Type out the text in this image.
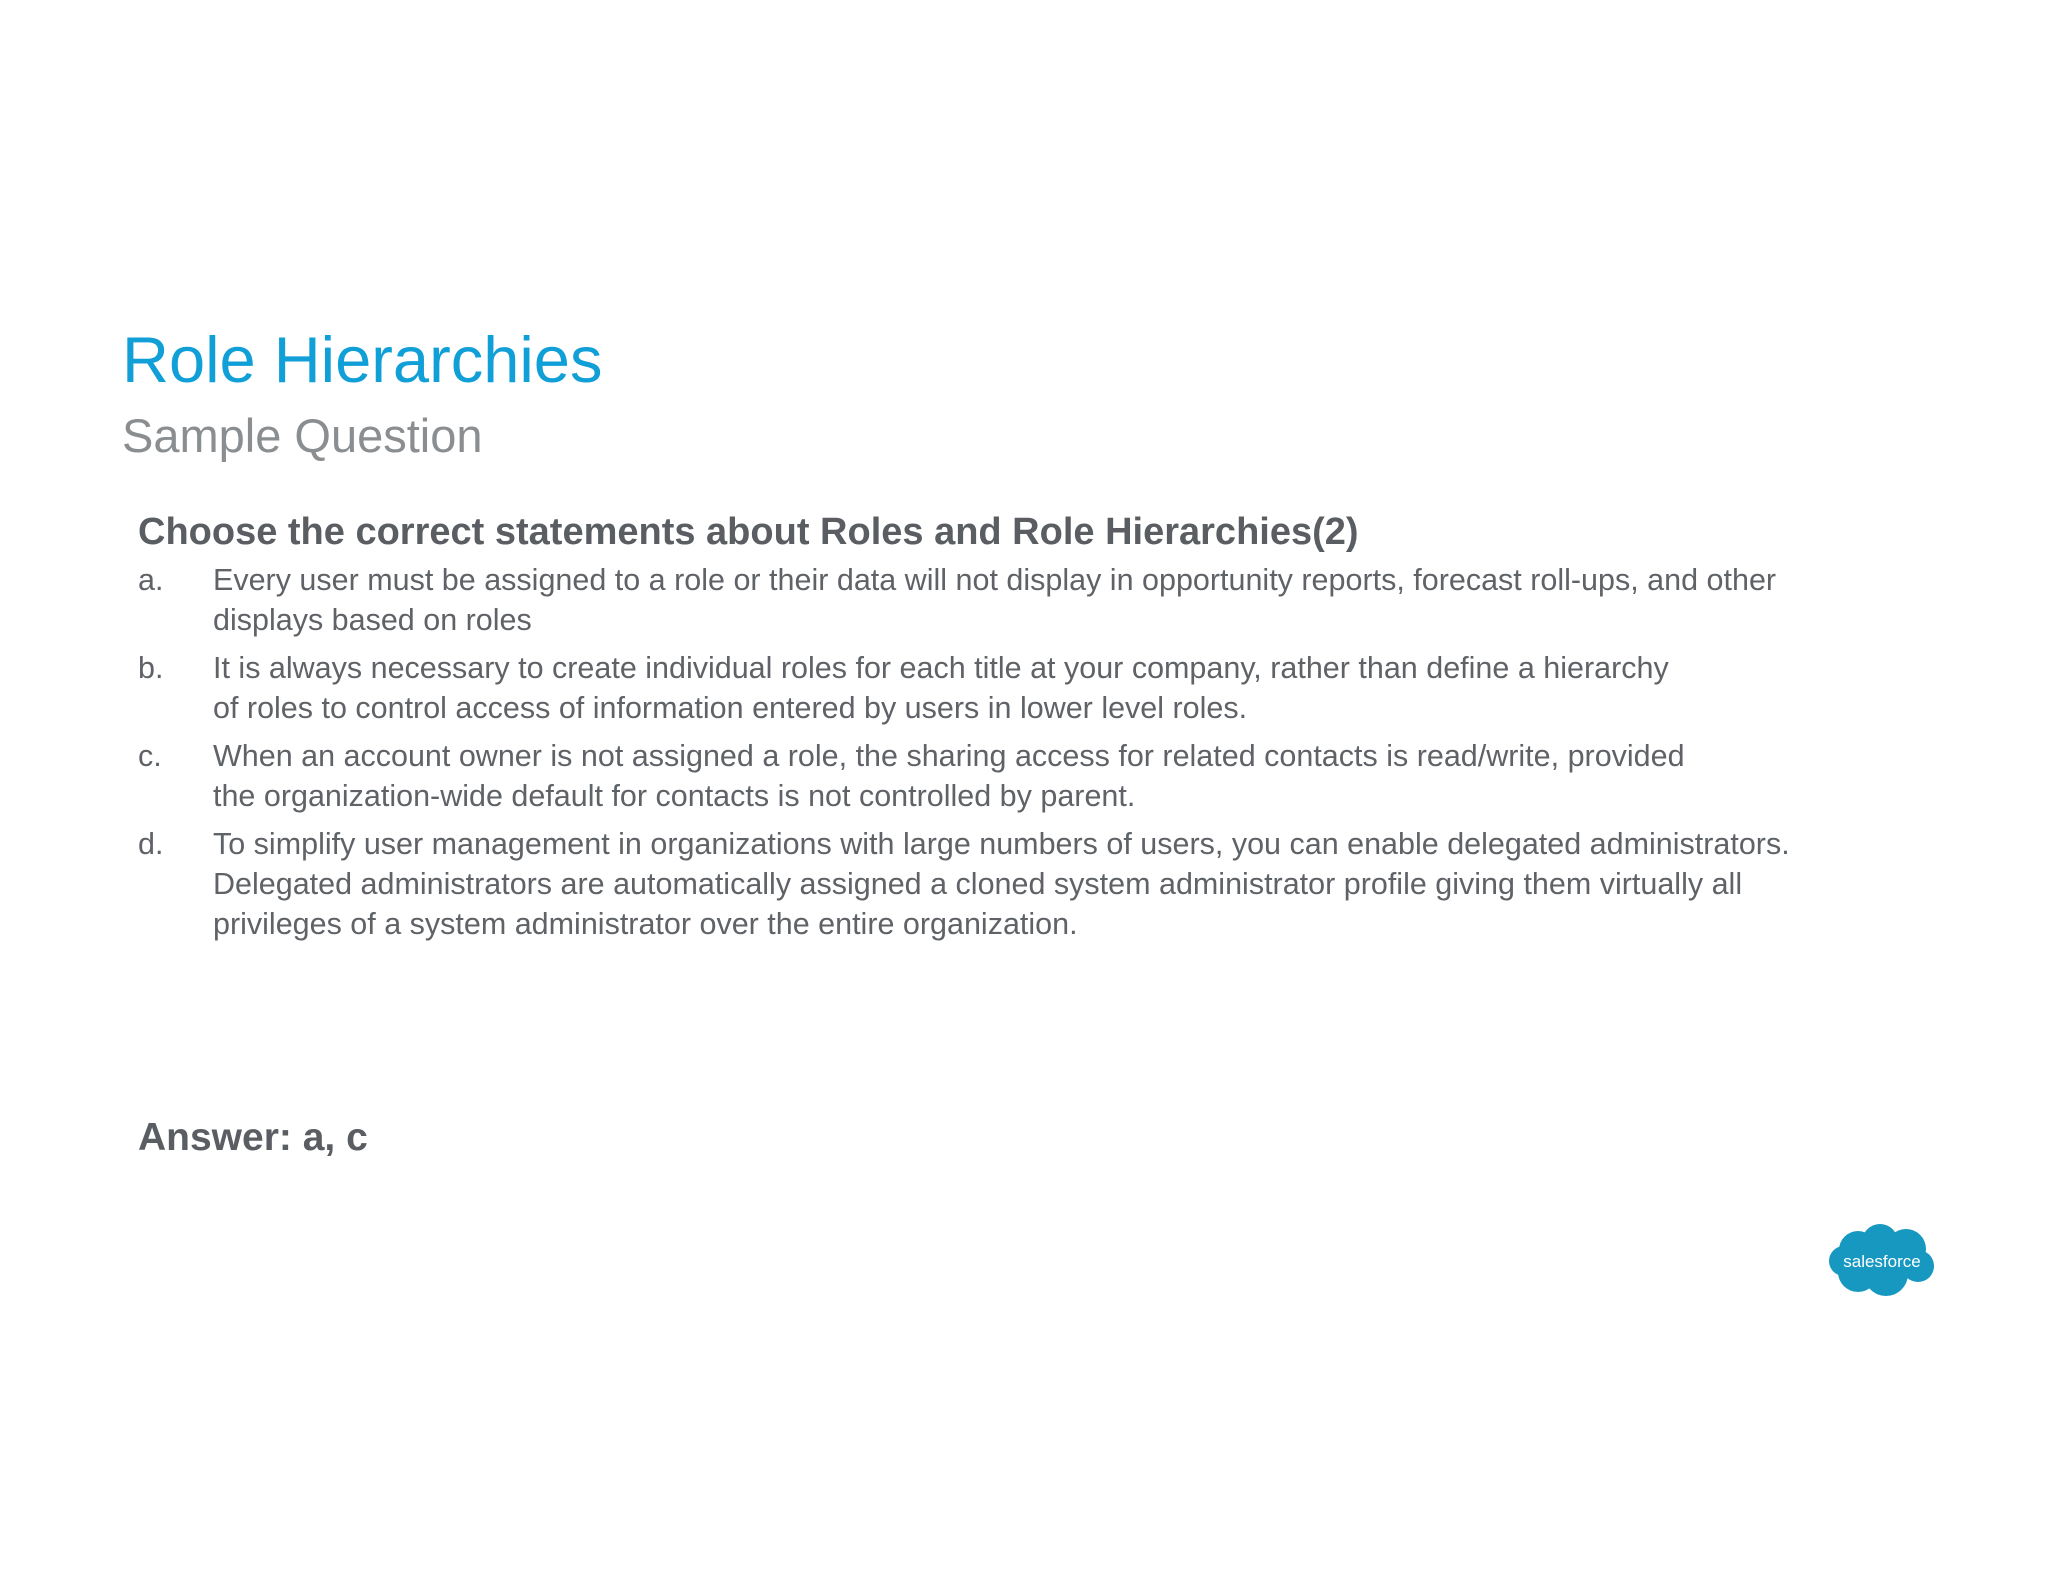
Role Hierarchies
Sample Question

Choose the correct statements about Roles and Role Hierarchies(2)

a. Every user must be assigned to a role or their data will not display in opportunity reports, forecast roll-ups, and other
displays based on roles
b. It is always necessary to create individual roles for each title at your company, rather than define a hierarchy
of roles to control access of information entered by users in lower level roles.
c. When an account owner is not assigned a role, the sharing access for related contacts is read/write, provided
the organization-wide default for contacts is not controlled by parent.
d. To simplify user management in organizations with large numbers of users, you can enable delegated administrators.
Delegated administrators are automatically assigned a cloned system administrator profile giving them virtually all
privileges of a system administrator over the entire organization.

Answer: a, c

salesforce
